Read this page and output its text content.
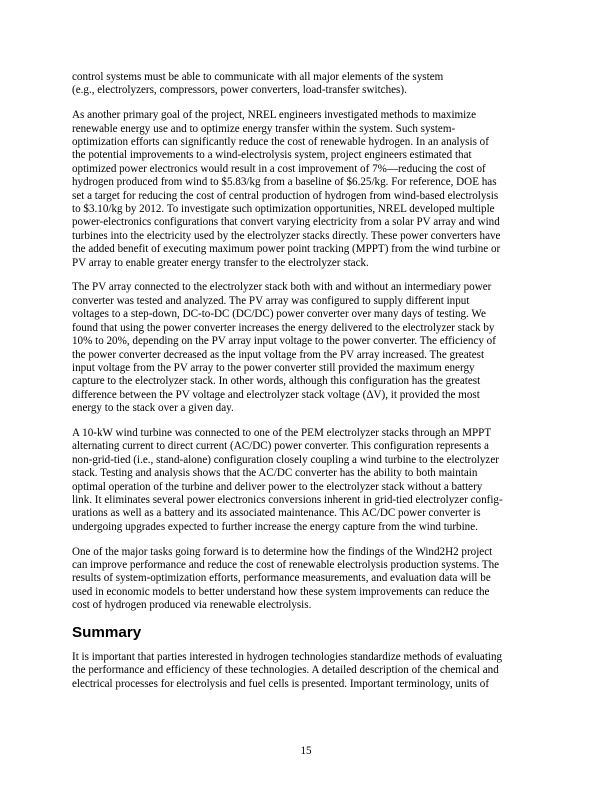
control systems must be able to communicate with all major elements of the system
(e.g., electrolyzers, compressors, power converters, load-transfer switches).

As another primary goal of the project, NREL engineers investigated methods to maximize
renewable energy use and to optimize energy transfer within the system. Such system-
optimization efforts can significantly reduce the cost of renewable hydrogen. In an analysis of
the potential improvements to a wind-electrolysis system, project engineers estimated that
optimized power electronics would result in a cost improvement of 7%—reducing the cost of
hydrogen produced from wind to $5.83/kg from a baseline of $6.25/kg. For reference, DOE has
set a target for reducing the cost of central production of hydrogen from wind-based electrolysis
to $3.10/kg by 2012. To investigate such optimization opportunities, NREL developed multiple
power-electronics configurations that convert varying electricity from a solar PV array and wind
turbines into the electricity used by the electrolyzer stacks directly. These power converters have
the added benefit of executing maximum power point tracking (MPPT) from the wind turbine or
PV array to enable greater energy transfer to the electrolyzer stack.

The PV array connected to the electrolyzer stack both with and without an intermediary power
converter was tested and analyzed. The PV array was configured to supply different input
voltages to a step-down, DC-to-DC (DC/DC) power converter over many days of testing. We
found that using the power converter increases the energy delivered to the electrolyzer stack by
10% to 20%, depending on the PV array input voltage to the power converter. The efficiency of
the power converter decreased as the input voltage from the PV array increased. The greatest
input voltage from the PV array to the power converter still provided the maximum energy
capture to the electrolyzer stack. In other words, although this configuration has the greatest
difference between the PV voltage and electrolyzer stack voltage (ΔV), it provided the most
energy to the stack over a given day.

A 10-kW wind turbine was connected to one of the PEM electrolyzer stacks through an MPPT
alternating current to direct current (AC/DC) power converter. This configuration represents a
non-grid-tied (i.e., stand-alone) configuration closely coupling a wind turbine to the electrolyzer
stack. Testing and analysis shows that the AC/DC converter has the ability to both maintain
optimal operation of the turbine and deliver power to the electrolyzer stack without a battery
link. It eliminates several power electronics conversions inherent in grid-tied electrolyzer config-
urations as well as a battery and its associated maintenance. This AC/DC power converter is
undergoing upgrades expected to further increase the energy capture from the wind turbine.

One of the major tasks going forward is to determine how the findings of the Wind2H2 project
can improve performance and reduce the cost of renewable electrolysis production systems. The
results of system-optimization efforts, performance measurements, and evaluation data will be
used in economic models to better understand how these system improvements can reduce the
cost of hydrogen produced via renewable electrolysis.

Summary

It is important that parties interested in hydrogen technologies standardize methods of evaluating
the performance and efficiency of these technologies. A detailed description of the chemical and
electrical processes for electrolysis and fuel cells is presented. Important terminology, units of

15
